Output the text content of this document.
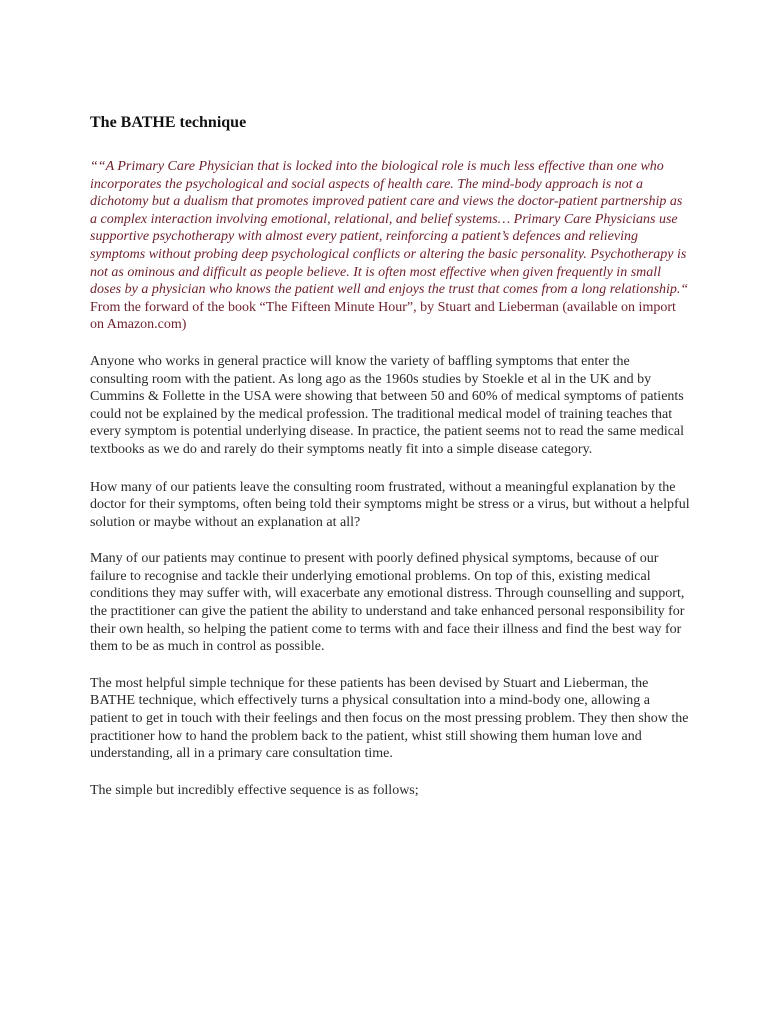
The BATHE technique

““A Primary Care Physician that is locked into the biological role is much less effective than one who incorporates the psychological and social aspects of health care. The mind-body approach is not a dichotomy but a dualism that promotes improved patient care and views the doctor-patient partnership as a complex interaction involving emotional, relational, and belief systems… Primary Care Physicians use supportive psychotherapy with almost every patient, reinforcing a patient’s defences and relieving symptoms without probing deep psychological conflicts or altering the basic personality. Psychotherapy is not as ominous and difficult as people believe. It is often most effective when given frequently in small doses by a physician who knows the patient well and enjoys the trust that comes from a long relationship.“

From the forward of the book “The Fifteen Minute Hour”, by Stuart and Lieberman (available on import on Amazon.com)

Anyone who works in general practice will know the variety of baffling symptoms that enter the consulting room with the patient. As long ago as the 1960s studies by Stoekle et al in the UK and by Cummins & Follette in the USA were showing that between 50 and 60% of medical symptoms of patients could not be explained by the medical profession. The traditional medical model of training teaches that every symptom is potential underlying disease. In practice, the patient seems not to read the same medical textbooks as we do and rarely do their symptoms neatly fit into a simple disease category.

How many of our patients leave the consulting room frustrated, without a meaningful explanation by the doctor for their symptoms, often being told their symptoms might be stress or a virus, but without a helpful solution or maybe without an explanation at all?

Many of our patients may continue to present with poorly defined physical symptoms, because of our failure to recognise and tackle their underlying emotional problems. On top of this, existing medical conditions they may suffer with, will exacerbate any emotional distress. Through counselling and support, the practitioner can give the patient the ability to understand and take enhanced personal responsibility for their own health, so helping the patient come to terms with and face their illness and find the best way for them to be as much in control as possible.

The most helpful simple technique for these patients has been devised by Stuart and Lieberman, the BATHE technique, which effectively turns a physical consultation into a mind-body one, allowing a patient to get in touch with their feelings and then focus on the most pressing problem. They then show the practitioner how to hand the problem back to the patient, whist still showing them human love and understanding, all in a primary care consultation time.

The simple but incredibly effective sequence is as follows;
